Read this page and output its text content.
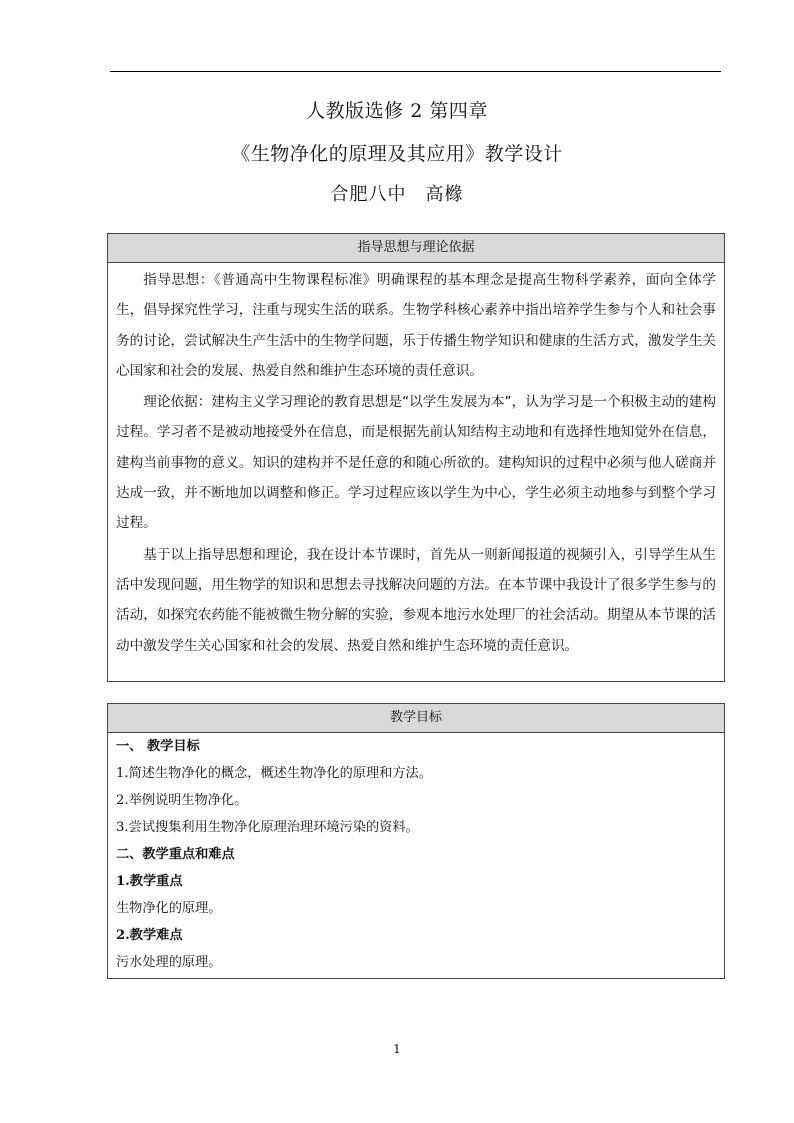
人教版选修 2 第四章
《生物净化的原理及其应用》教学设计
合肥八中　高橼
指导思想与理论依据

指导思想：《普通高中生物课程标准》明确课程的基本理念是提高生物科学素养，面向全体学生，倡导探究性学习，注重与现实生活的联系。生物学科核心素养中指出培养学生参与个人和社会事务的讨论，尝试解决生产生活中的生物学问题，乐于传播生物学知识和健康的生活方式，激发学生关心国家和社会的发展、热爱自然和维护生态环境的责任意识。

理论依据：建构主义学习理论的教育思想是“以学生发展为本”，认为学习是一个积极主动的建构过程。学习者不是被动地接受外在信息，而是根据先前认知结构主动地和有选择性地知觉外在信息，建构当前事物的意义。知识的建构并不是任意的和随心所欲的。建构知识的过程中必须与他人磋商并达成一致，并不断地加以调整和修正。学习过程应该以学生为中心，学生必须主动地参与到整个学习过程。

基于以上指导思想和理论，我在设计本节课时，首先从一则新闻报道的视频引入，引导学生从生活中发现问题，用生物学的知识和思想去寻找解决问题的方法。在本节课中我设计了很多学生参与的活动，如探究农药能不能被微生物分解的实验，参观本地污水处理厂的社会活动。期望从本节课的活动中激发学生关心国家和社会的发展、热爱自然和维护生态环境的责任意识。

教学目标
一、 教学目标
1.简述生物净化的概念，概述生物净化的原理和方法。
2.举例说明生物净化。
3.尝试搜集利用生物净化原理治理环境污染的资料。
二、教学重点和难点
1.教学重点
生物净化的原理。
2.教学难点
污水处理的原理。
1
